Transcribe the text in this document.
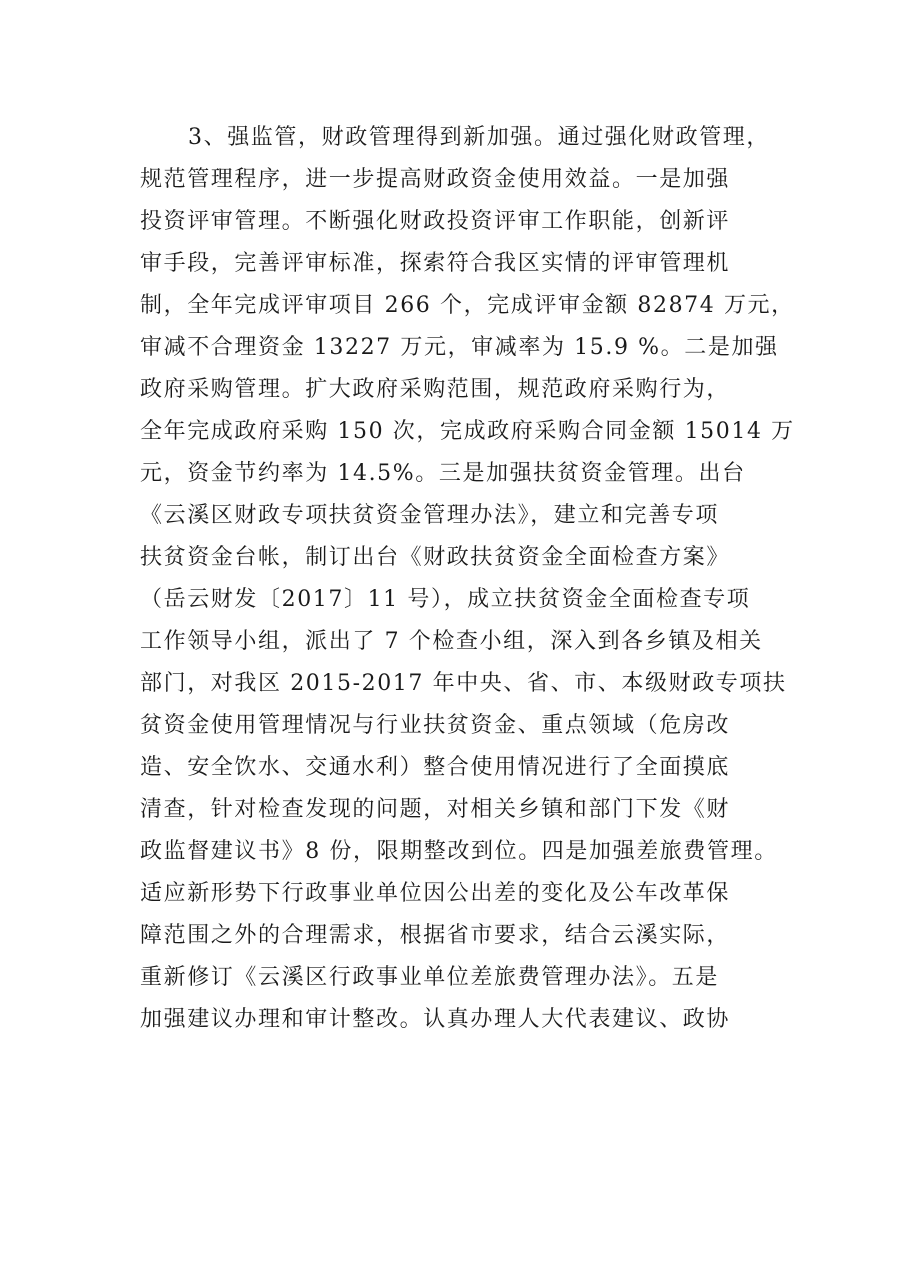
3、强监管，财政管理得到新加强。通过强化财政管理，
规范管理程序，进一步提高财政资金使用效益。一是加强
投资评审管理。不断强化财政投资评审工作职能，创新评
审手段，完善评审标准，探索符合我区实情的评审管理机
制，全年完成评审项目 266 个，完成评审金额 82874 万元，
审减不合理资金 13227 万元，审减率为 15.9 %。二是加强
政府采购管理。扩大政府采购范围，规范政府采购行为，
全年完成政府采购 150 次，完成政府采购合同金额 15014 万
元，资金节约率为 14.5%。三是加强扶贫资金管理。出台
《云溪区财政专项扶贫资金管理办法》，建立和完善专项
扶贫资金台帐，制订出台《财政扶贫资金全面检查方案》
（岳云财发〔2017〕11 号），成立扶贫资金全面检查专项
工作领导小组，派出了 7 个检查小组，深入到各乡镇及相关
部门，对我区 2015-2017 年中央、省、市、本级财政专项扶
贫资金使用管理情况与行业扶贫资金、重点领域（危房改
造、安全饮水、交通水利）整合使用情况进行了全面摸底
清查，针对检查发现的问题，对相关乡镇和部门下发《财
政监督建议书》8 份，限期整改到位。四是加强差旅费管理。
适应新形势下行政事业单位因公出差的变化及公车改革保
障范围之外的合理需求，根据省市要求，结合云溪实际，
重新修订《云溪区行政事业单位差旅费管理办法》。五是
加强建议办理和审计整改。认真办理人大代表建议、政协
